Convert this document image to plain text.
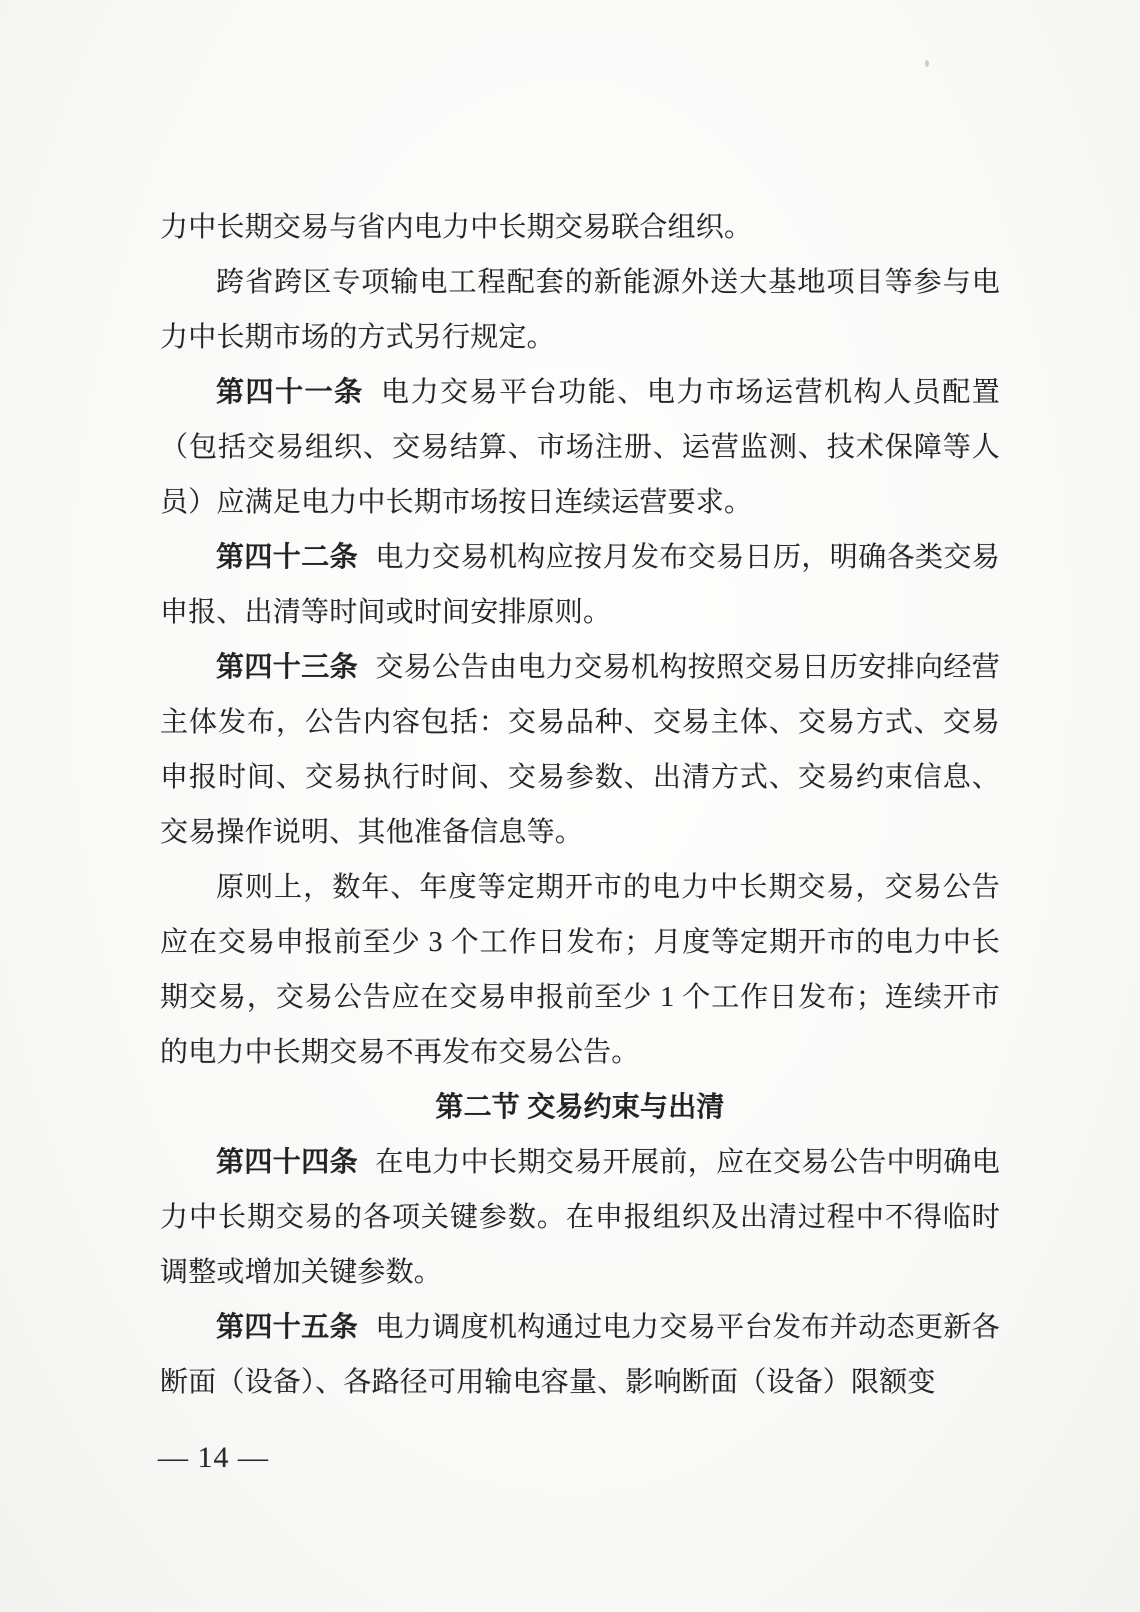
力中长期交易与省内电力中长期交易联合组织。

跨省跨区专项输电工程配套的新能源外送大基地项目等参与电力中长期市场的方式另行规定。

第四十一条 电力交易平台功能、电力市场运营机构人员配置（包括交易组织、交易结算、市场注册、运营监测、技术保障等人员）应满足电力中长期市场按日连续运营要求。

第四十二条 电力交易机构应按月发布交易日历，明确各类交易申报、出清等时间或时间安排原则。

第四十三条 交易公告由电力交易机构按照交易日历安排向经营主体发布，公告内容包括：交易品种、交易主体、交易方式、交易申报时间、交易执行时间、交易参数、出清方式、交易约束信息、交易操作说明、其他准备信息等。

原则上，数年、年度等定期开市的电力中长期交易，交易公告应在交易申报前至少 3 个工作日发布；月度等定期开市的电力中长期交易，交易公告应在交易申报前至少 1 个工作日发布；连续开市的电力中长期交易不再发布交易公告。

第二节 交易约束与出清

第四十四条 在电力中长期交易开展前，应在交易公告中明确电力中长期交易的各项关键参数。在申报组织及出清过程中不得临时调整或增加关键参数。

第四十五条 电力调度机构通过电力交易平台发布并动态更新各断面（设备）、各路径可用输电容量、影响断面（设备）限额变

— 14 —
